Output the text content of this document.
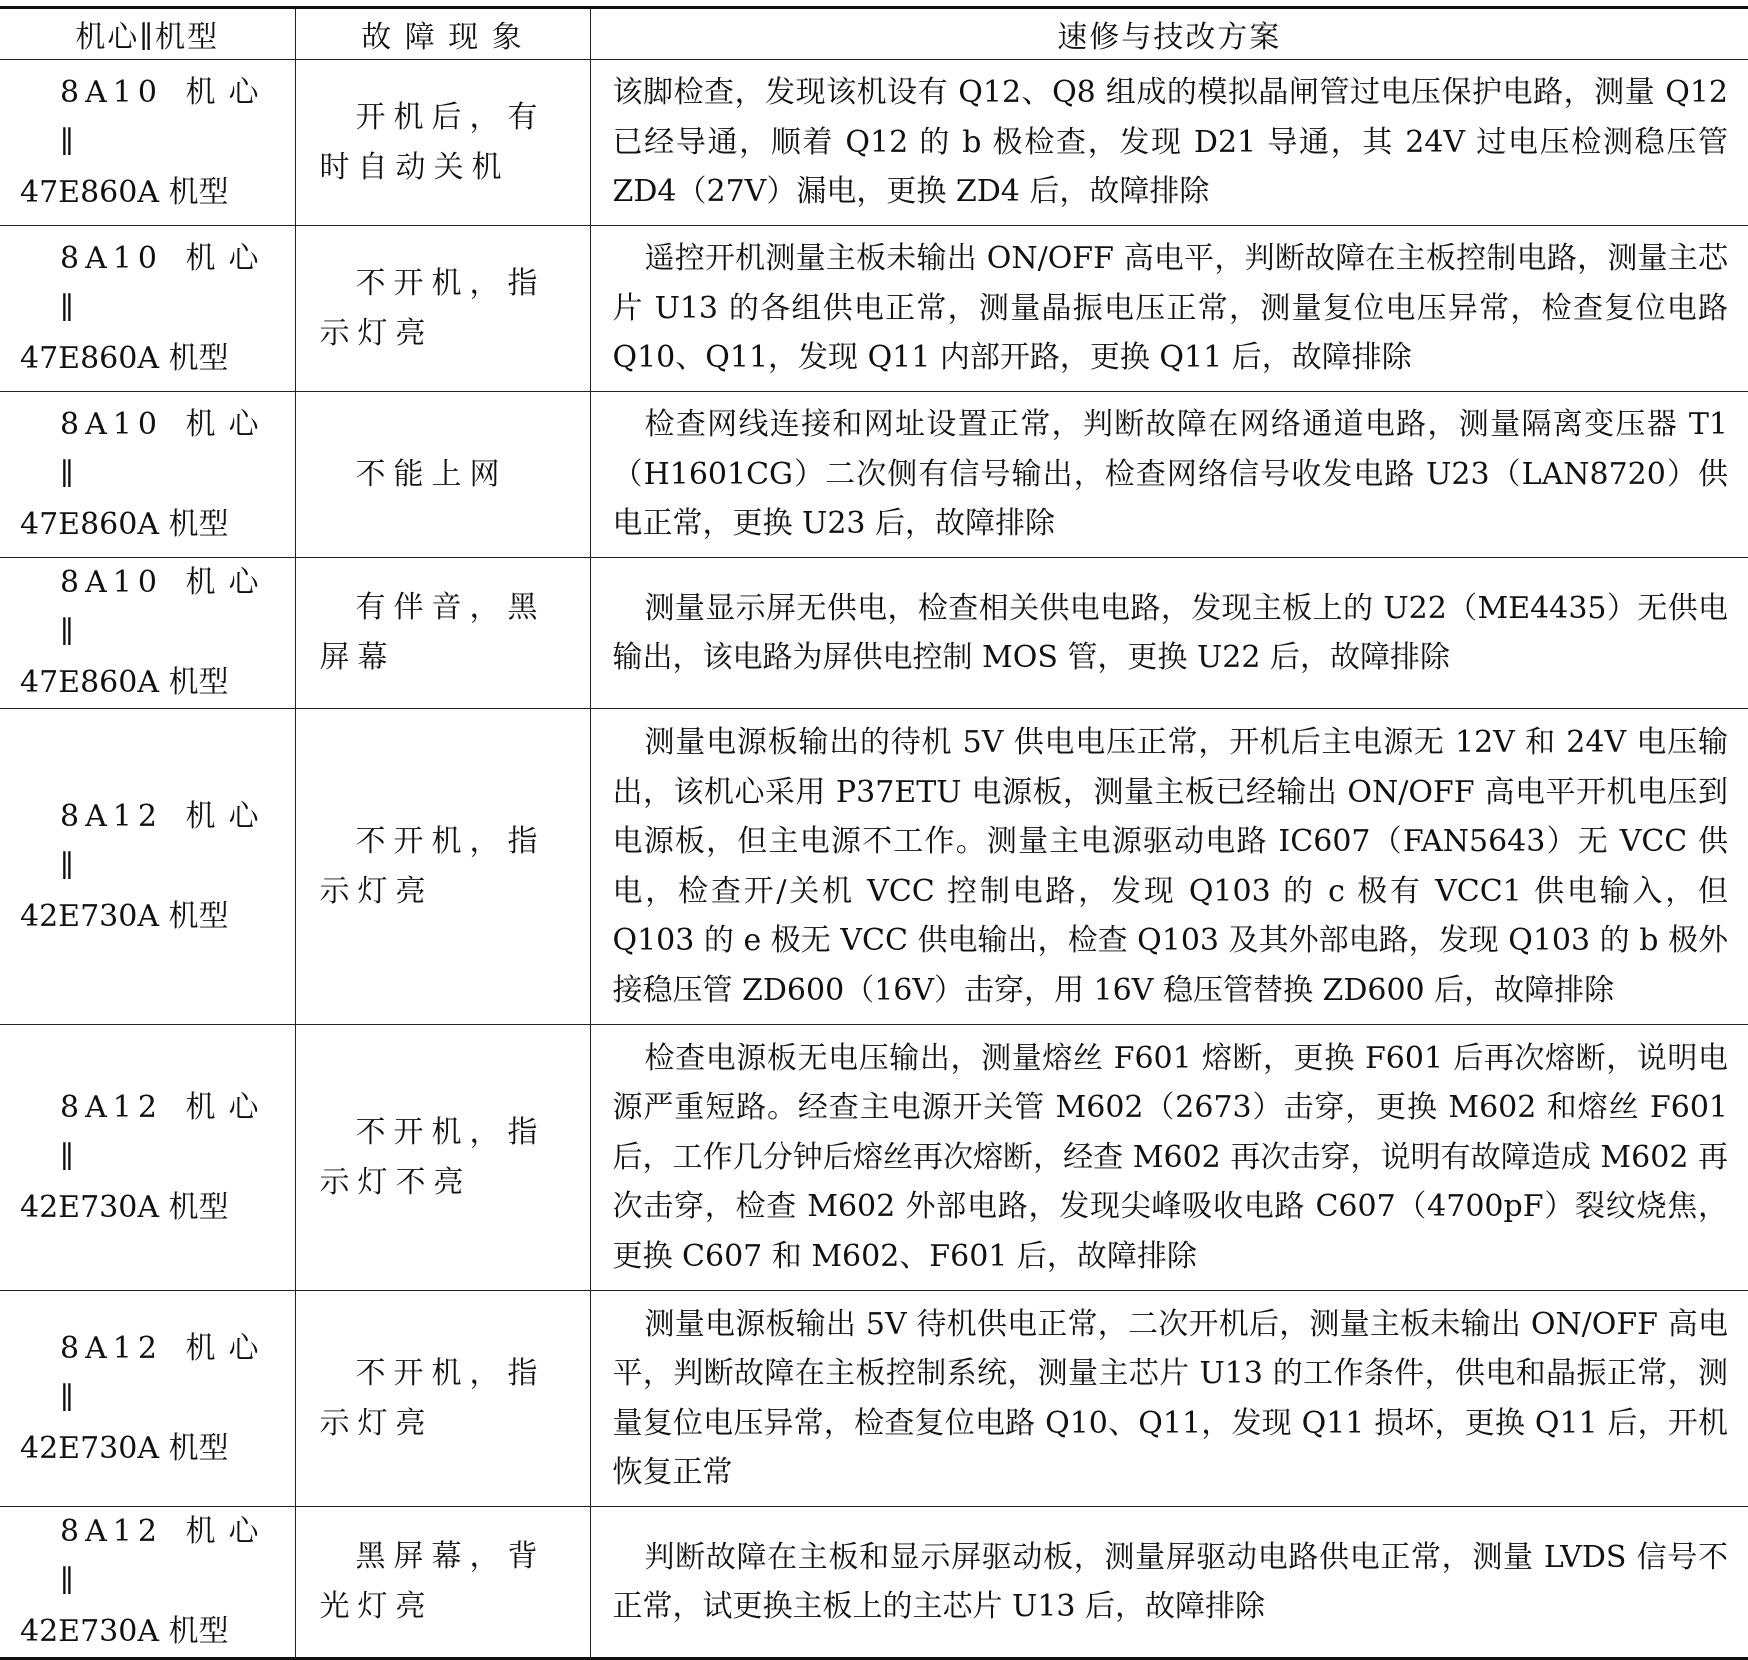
机心∥机型	故 障 现 象	速修与技改方案

8A10 机心∥
47E860A 机型	开机后，有时自动关机	该脚检查，发现该机设有 Q12、Q8 组成的模拟晶闸管过电压保护电路，测量 Q12 已经导通，顺着 Q12 的 b 极检查，发现 D21 导通，其 24V 过电压检测稳压管 ZD4（27V）漏电，更换 ZD4 后，故障排除

8A10 机心∥
47E860A 机型	不开机，指示灯亮	遥控开机测量主板未输出 ON/OFF 高电平，判断故障在主板控制电路，测量主芯片 U13 的各组供电正常，测量晶振电压正常，测量复位电压异常，检查复位电路 Q10、Q11，发现 Q11 内部开路，更换 Q11 后，故障排除

8A10 机心∥
47E860A 机型	不能上网	检查网线连接和网址设置正常，判断故障在网络通道电路，测量隔离变压器 T1（H1601CG）二次侧有信号输出，检查网络信号收发电路 U23（LAN8720）供电正常，更换 U23 后，故障排除

8A10 机心∥
47E860A 机型	有伴音，黑屏幕	测量显示屏无供电，检查相关供电电路，发现主板上的 U22（ME4435）无供电输出，该电路为屏供电控制 MOS 管，更换 U22 后，故障排除

8A12 机心∥
42E730A 机型	不开机，指示灯亮	测量电源板输出的待机 5V 供电电压正常，开机后主电源无 12V 和 24V 电压输出，该机心采用 P37ETU 电源板，测量主板已经输出 ON/OFF 高电平开机电压到电源板，但主电源不工作。测量主电源驱动电路 IC607（FAN5643）无 VCC 供电，检查开/关机 VCC 控制电路，发现 Q103 的 c 极有 VCC1 供电输入，但 Q103 的 e 极无 VCC 供电输出，检查 Q103 及其外部电路，发现 Q103 的 b 极外接稳压管 ZD600（16V）击穿，用 16V 稳压管替换 ZD600 后，故障排除

8A12 机心∥
42E730A 机型	不开机，指示灯不亮	检查电源板无电压输出，测量熔丝 F601 熔断，更换 F601 后再次熔断，说明电源严重短路。经查主电源开关管 M602（2673）击穿，更换 M602 和熔丝 F601 后，工作几分钟后熔丝再次熔断，经查 M602 再次击穿，说明有故障造成 M602 再次击穿，检查 M602 外部电路，发现尖峰吸收电路 C607（4700pF）裂纹烧焦，更换 C607 和 M602、F601 后，故障排除

8A12 机心∥
42E730A 机型	不开机，指示灯亮	测量电源板输出 5V 待机供电正常，二次开机后，测量主板未输出 ON/OFF 高电平，判断故障在主板控制系统，测量主芯片 U13 的工作条件，供电和晶振正常，测量复位电压异常，检查复位电路 Q10、Q11，发现 Q11 损坏，更换 Q11 后，开机恢复正常

8A12 机心∥
42E730A 机型	黑屏幕，背光灯亮	判断故障在主板和显示屏驱动板，测量屏驱动电路供电正常，测量 LVDS 信号不正常，试更换主板上的主芯片 U13 后，故障排除
